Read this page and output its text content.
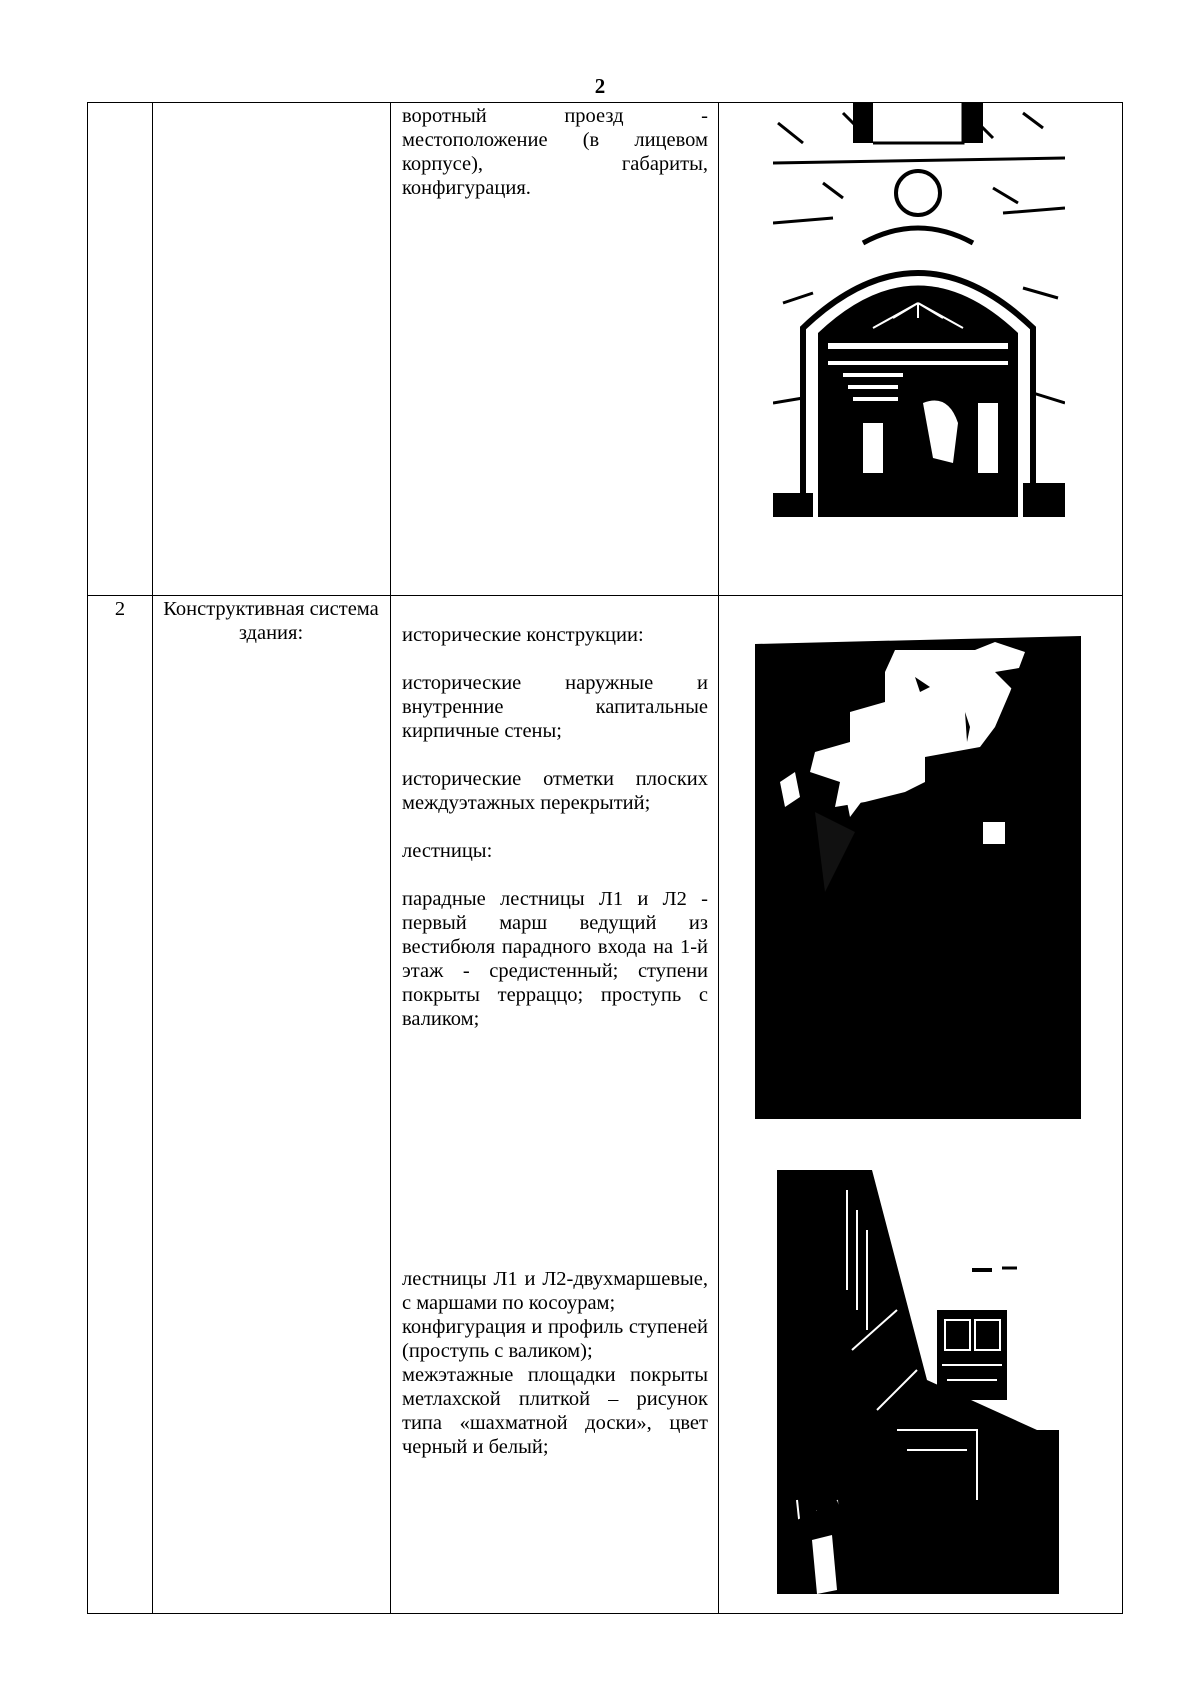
2

воротный проезд - местоположение (в лицевом корпусе), габариты, конфигурация.

2	Конструктивная система здания:	исторические конструкции:

исторические наружные и внутренние капитальные кирпичные стены;

исторические отметки плоских междуэтажных перекрытий;

лестницы:

парадные лестницы Л1 и Л2 - первый марш ведущий из вестибюля парадного входа на 1-й этаж - средистенный; ступени покрыты терраццо; проступь с валиком;

лестницы Л1 и Л2-двухмаршевые, с маршами по косоурам;

конфигурация и профиль ступеней (проступь с валиком);

межэтажные площадки покрыты метлахской плиткой – рисунок типа «шахматной доски», цвет черный и белый;
